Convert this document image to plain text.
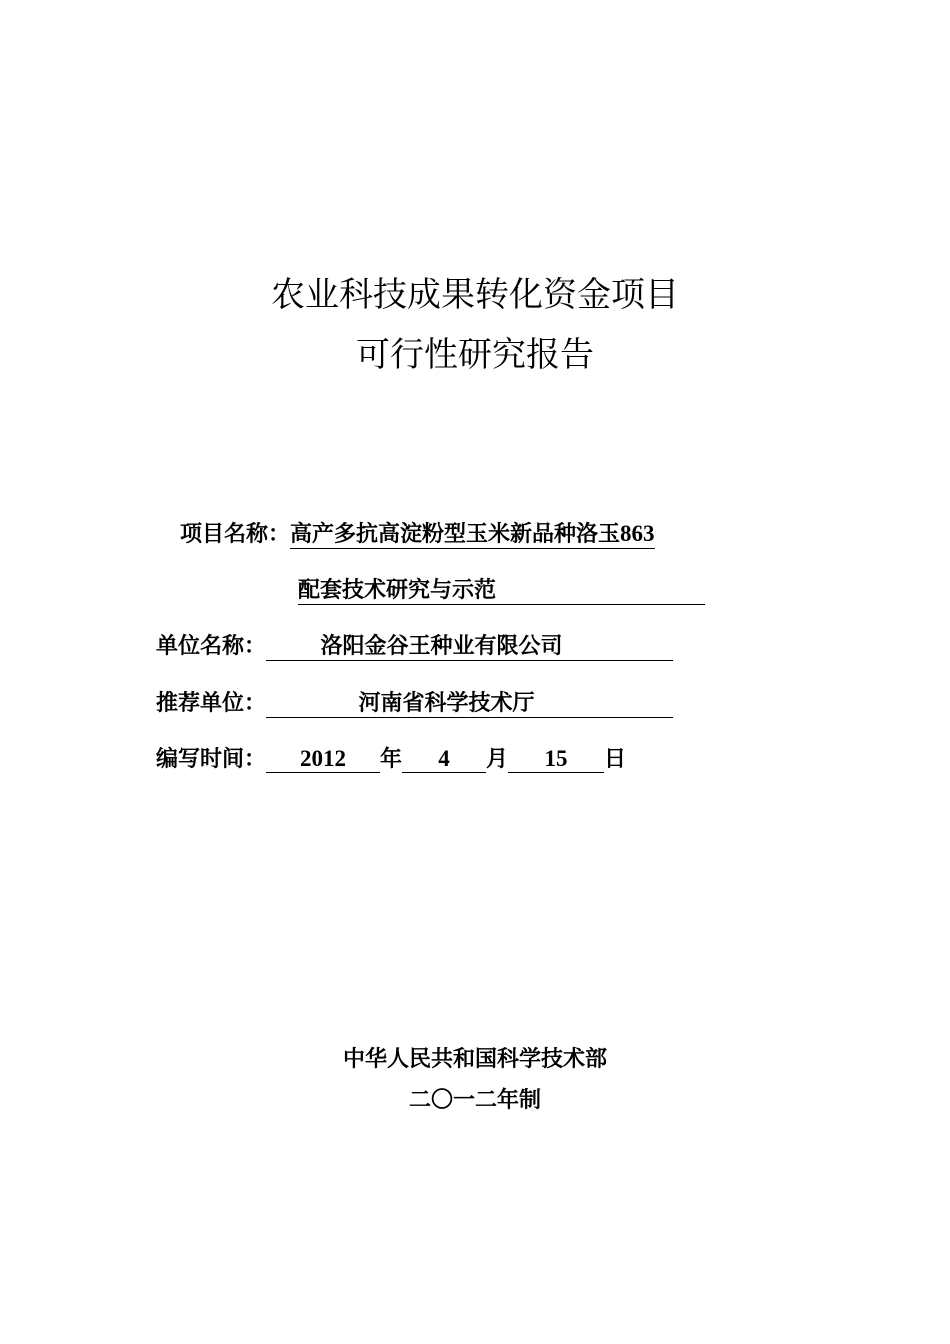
农业科技成果转化资金项目
可行性研究报告
项目名称：高产多抗高淀粉型玉米新品种洛玉863
配套技术研究与示范
单位名称： 洛阳金谷王种业有限公司
推荐单位：	河南省科学技术厅
编写时间： 2012 年 4 月 15 日
中华人民共和国科学技术部
二〇一二年制
